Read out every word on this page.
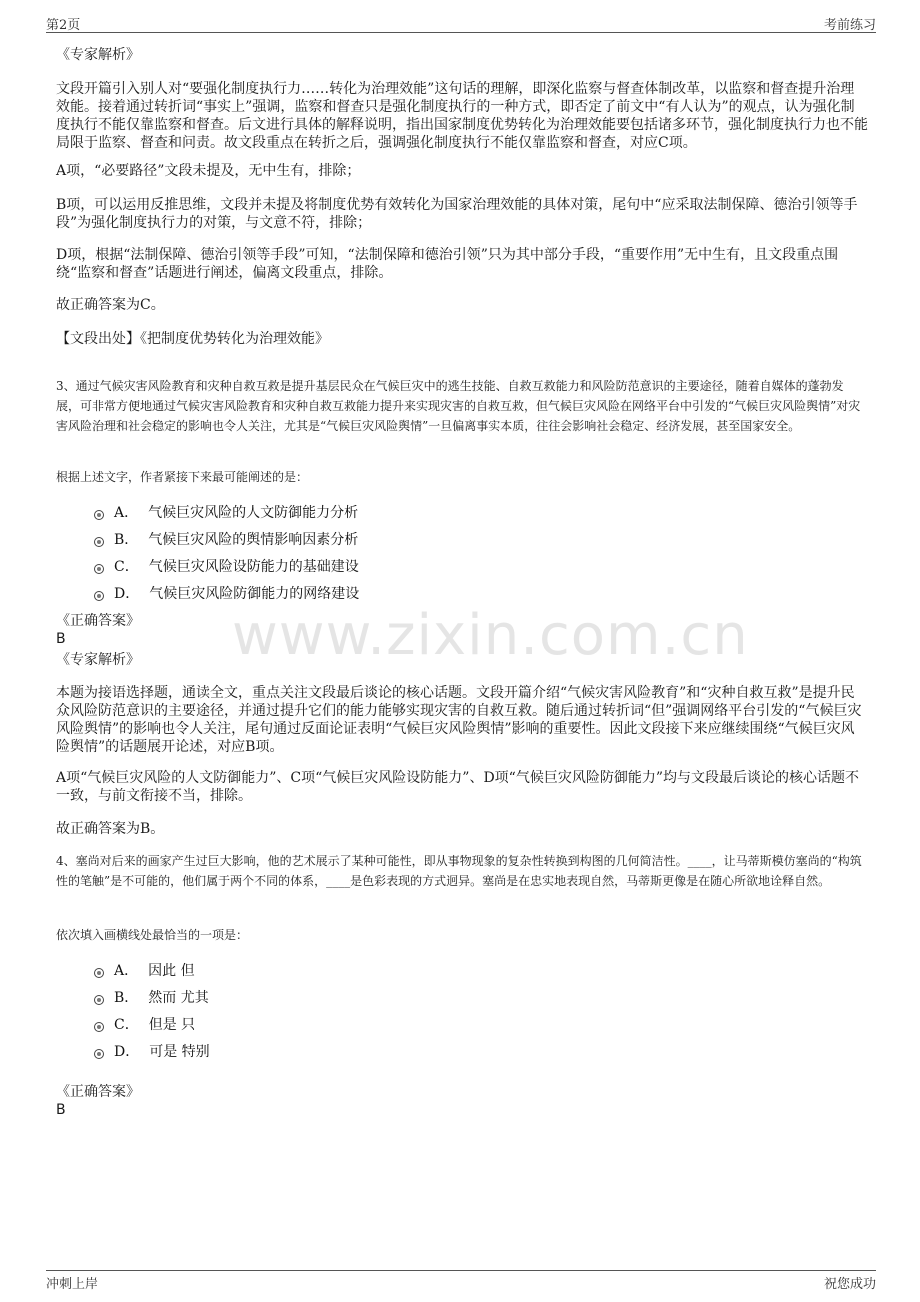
第2页	考前练习
www.zixin.com.cn
《专家解析》
文段开篇引入别人对“要强化制度执行力……转化为治理效能”这句话的理解，即深化监察与督查体制改革，以监察和督查提升治理效能。接着通过转折词“事实上”强调，监察和督查只是强化制度执行的一种方式，即否定了前文中“有人认为”的观点，认为强化制度执行不能仅靠监察和督查。后文进行具体的解释说明，指出国家制度优势转化为治理效能要包括诸多环节，强化制度执行力也不能局限于监察、督查和问责。故文段重点在转折之后，强调强化制度执行不能仅靠监察和督查，对应C项。
A项，“必要路径”文段未提及，无中生有，排除；
B项，可以运用反推思维，文段并未提及将制度优势有效转化为国家治理效能的具体对策，尾句中“应采取法制保障、德治引领等手段”为强化制度执行力的对策，与文意不符，排除；
D项，根据“法制保障、德治引领等手段”可知，“法制保障和德治引领”只为其中部分手段，“重要作用”无中生有，且文段重点围绕“监察和督查”话题进行阐述，偏离文段重点，排除。
故正确答案为C。
【文段出处】《把制度优势转化为治理效能》
3、通过气候灾害风险教育和灾种自救互救是提升基层民众在气候巨灾中的逃生技能、自救互救能力和风险防范意识的主要途径，随着自媒体的蓬勃发展，可非常方便地通过气候灾害风险教育和灾种自救互救能力提升来实现灾害的自救互救，但气候巨灾风险在网络平台中引发的“气候巨灾风险舆情”对灾害风险治理和社会稳定的影响也令人关注，尤其是“气候巨灾风险舆情”一旦偏离事实本质，往往会影响社会稳定、经济发展，甚至国家安全。
根据上述文字，作者紧接下来最可能阐述的是：
A． 气候巨灾风险的人文防御能力分析
B． 气候巨灾风险的舆情影响因素分析
C． 气候巨灾风险设防能力的基础建设
D． 气候巨灾风险防御能力的网络建设
《正确答案》
B
《专家解析》
本题为接语选择题，通读全文，重点关注文段最后谈论的核心话题。文段开篇介绍“气候灾害风险教育”和“灾种自救互救”是提升民众风险防范意识的主要途径，并通过提升它们的能力能够实现灾害的自救互救。随后通过转折词“但”强调网络平台引发的“气候巨灾风险舆情”的影响也令人关注，尾句通过反面论证表明“气候巨灾风险舆情”影响的重要性。因此文段接下来应继续围绕“气候巨灾风险舆情”的话题展开论述，对应B项。
A项“气候巨灾风险的人文防御能力”、C项“气候巨灾风险设防能力”、D项“气候巨灾风险防御能力”均与文段最后谈论的核心话题不一致，与前文衔接不当，排除。
故正确答案为B。
4、塞尚对后来的画家产生过巨大影响，他的艺术展示了某种可能性，即从事物现象的复杂性转换到构图的几何简洁性。____，让马蒂斯模仿塞尚的“构筑性的笔触”是不可能的，他们属于两个不同的体系，____是色彩表现的方式迥异。塞尚是在忠实地表现自然，马蒂斯更像是在随心所欲地诠释自然。
依次填入画横线处最恰当的一项是：
A． 因此 但
B． 然而 尤其
C． 但是 只
D． 可是 特别
《正确答案》
B
冲刺上岸	祝您成功
